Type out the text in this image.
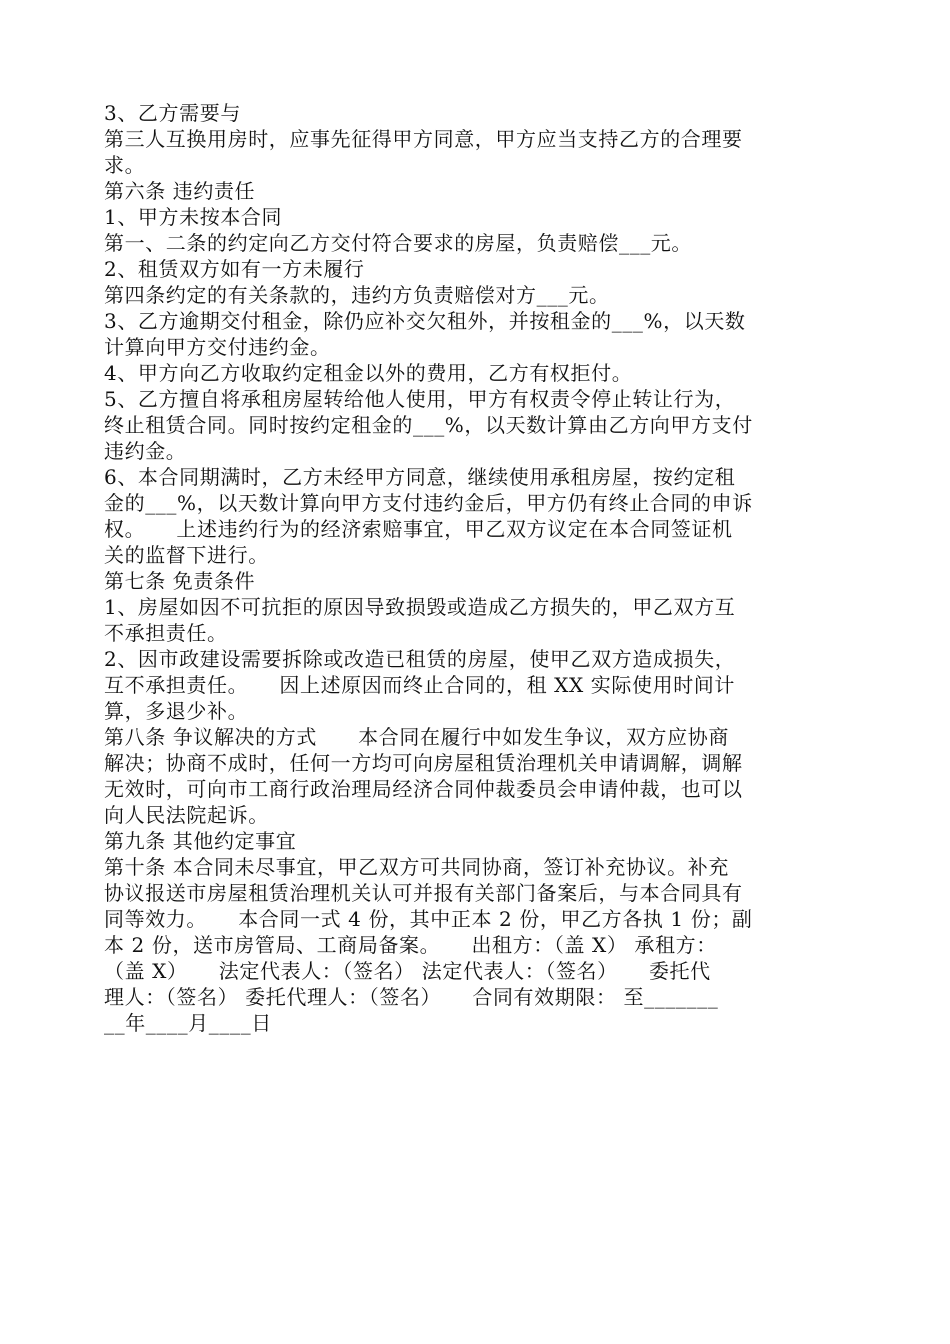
3、乙方需要与
第三人互换用房时，应事先征得甲方同意，甲方应当支持乙方的合理要
求。
第六条 违约责任
1、甲方未按本合同
第一、二条的约定向乙方交付符合要求的房屋，负责赔偿___元。
2、租赁双方如有一方未履行
第四条约定的有关条款的，违约方负责赔偿对方___元。
3、乙方逾期交付租金，除仍应补交欠租外，并按租金的___%，以天数
计算向甲方交付违约金。
4、甲方向乙方收取约定租金以外的费用，乙方有权拒付。
5、乙方擅自将承租房屋转给他人使用，甲方有权责令停止转让行为，
终止租赁合同。同时按约定租金的___%，以天数计算由乙方向甲方支付
违约金。
6、本合同期满时，乙方未经甲方同意，继续使用承租房屋，按约定租
金的___%，以天数计算向甲方支付违约金后，甲方仍有终止合同的申诉
权。　　上述违约行为的经济索赔事宜，甲乙双方议定在本合同签证机
关的监督下进行。
第七条 免责条件
1、房屋如因不可抗拒的原因导致损毁或造成乙方损失的，甲乙双方互
不承担责任。
2、因市政建设需要拆除或改造已租赁的房屋，使甲乙双方造成损失，
互不承担责任。　　因上述原因而终止合同的，租 XX 实际使用时间计
算，多退少补。
第八条 争议解决的方式　　本合同在履行中如发生争议，双方应协商
解决；协商不成时，任何一方均可向房屋租赁治理机关申请调解，调解
无效时，可向市工商行政治理局经济合同仲裁委员会申请仲裁，也可以
向人民法院起诉。
第九条 其他约定事宜
第十条 本合同未尽事宜，甲乙双方可共同协商，签订补充协议。补充
协议报送市房屋租赁治理机关认可并报有关部门备案后，与本合同具有
同等效力。　　本合同一式 4 份，其中正本 2 份，甲乙方各执 1 份；副
本 2 份，送市房管局、工商局备案。　　出租方：（盖 X） 承租方：
（盖 X）　　法定代表人：（签名） 法定代表人：（签名）　　委托代
理人：（签名） 委托代理人：（签名）　　合同有效期限： 至_______
__年____月____日
